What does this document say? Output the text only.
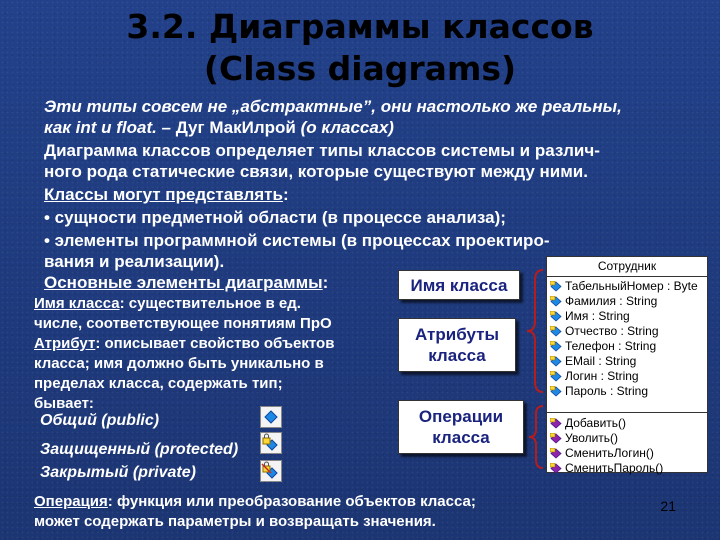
3.2. Диаграммы классов
(Class diagrams)
Эти типы совсем не „абстрактные”, они настолько же реальны,
как int и float. – Дуг МакИлрой (о классах)
Диаграмма классов определяет типы классов системы и различ-
ного рода статические связи, которые существуют между ними.
Классы могут представлять:
• сущности предметной области (в процессе анализа);
• элементы программной системы (в процессах проектиро-
вания и реализации).
Основные элементы диаграммы:
Имя класса: существительное в ед.
числе, соответствующее понятиям ПрО
Атрибут: описывает свойство объектов
класса; имя должно быть уникально в
пределах класса, содержать тип;
бывает:
Общий (public)
Защищенный (protected)
Закрытый (private)
Имя класса
Атрибуты
класса
Операции
класса
Сотрудник
ТабельныйНомер : Byte
Фамилия : String
Имя : String
Отчество : String
Телефон : String
EMail : String
Логин : String
Пароль : String
Добавить()
Уволить()
СменитьЛогин()
СменитьПароль()
Операция: функция или преобразование объектов класса;
может содержать параметры и возвращать значения.
21
